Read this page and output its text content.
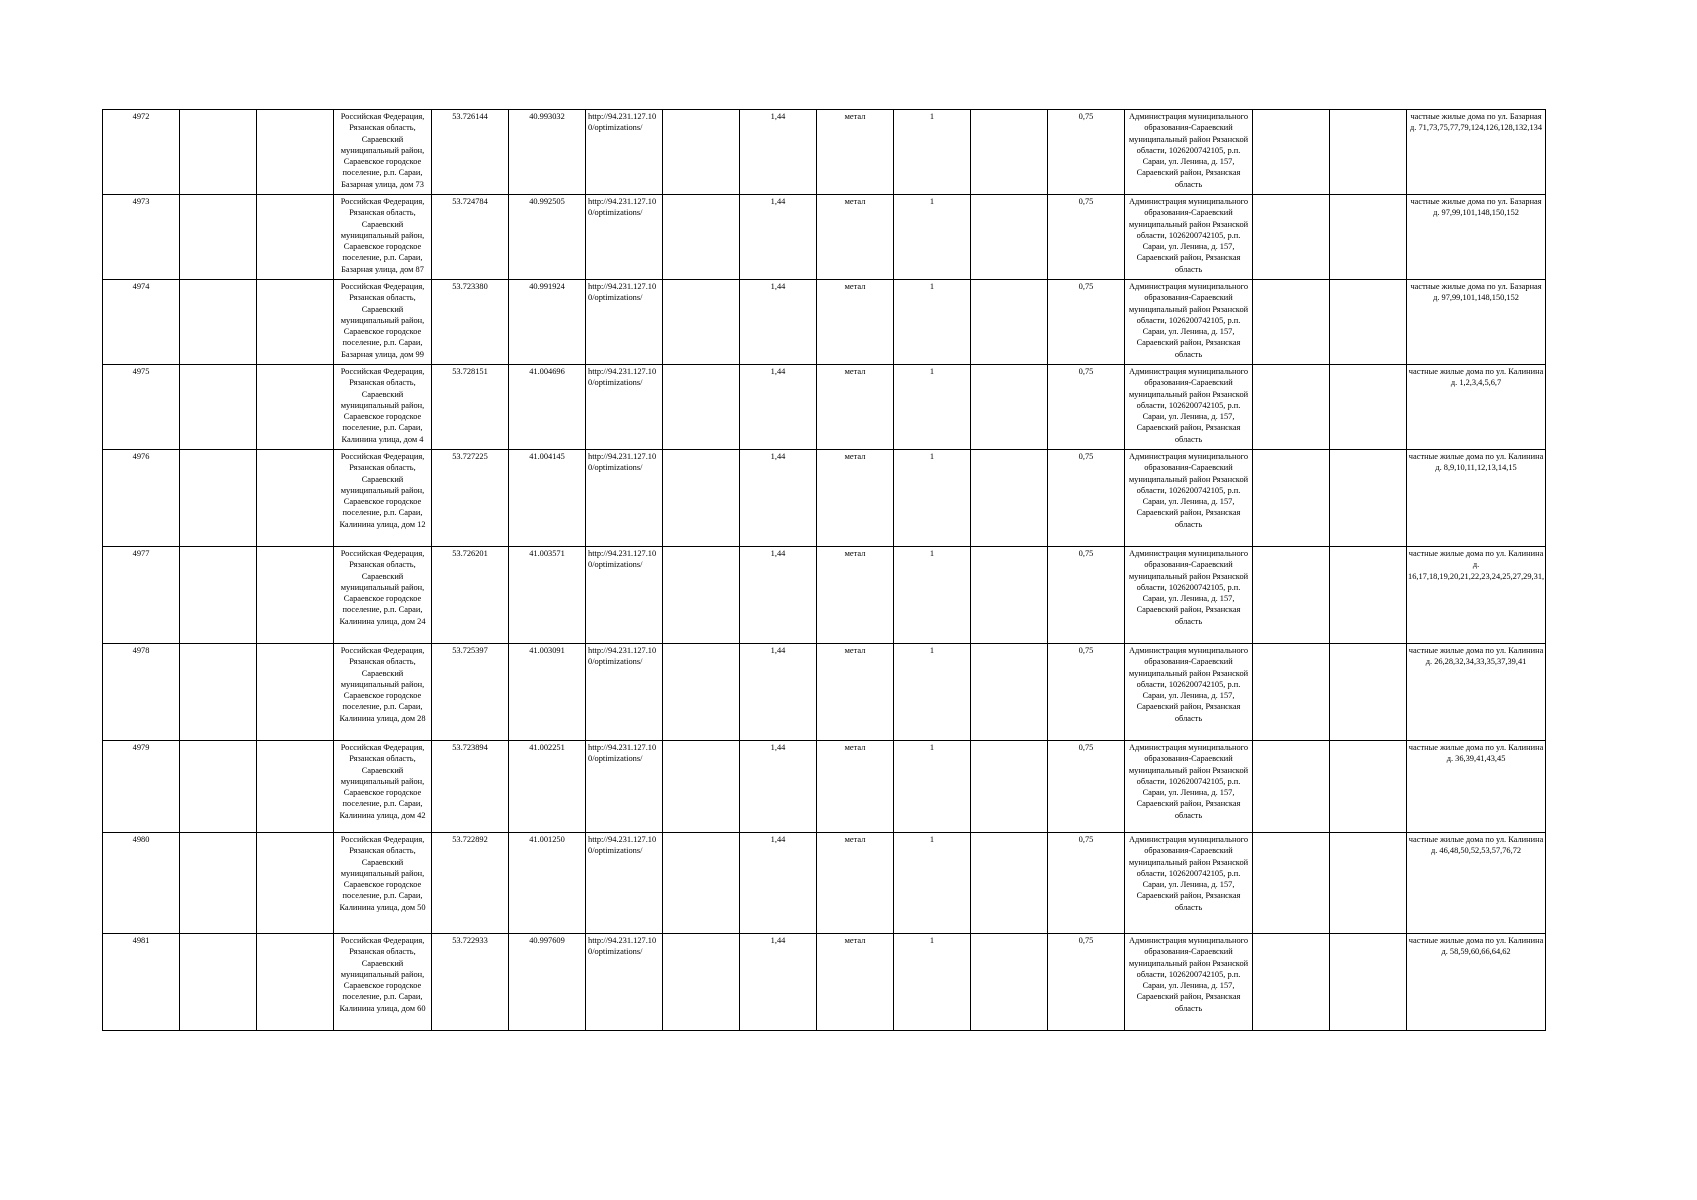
4972			Российская Федерация, Рязанская область, Сараевский муниципальный район, Сараевское городское поселение, р.п. Сараи, Базарная улица, дом 73	53.726144	40.993032	http://94.231.127.100/optimizations/		1,44	метал	1		0,75	Администрация муниципального образования-Сараевский муниципальный район Рязанской области, 1026200742105, р.п. Сараи, ул. Ленина, д. 157, Сараевский район, Рязанская область			частные жилые дома по ул. Базарная д. 71,73,75,77,79,124,126,128,132,134
4973			Российская Федерация, Рязанская область, Сараевский муниципальный район, Сараевское городское поселение, р.п. Сараи, Базарная улица, дом 87	53.724784	40.992505	http://94.231.127.100/optimizations/		1,44	метал	1		0,75	Администрация муниципального образования-Сараевский муниципальный район Рязанской области, 1026200742105, р.п. Сараи, ул. Ленина, д. 157, Сараевский район, Рязанская область			частные жилые дома по ул. Базарная д. 97,99,101,148,150,152
4974			Российская Федерация, Рязанская область, Сараевский муниципальный район, Сараевское городское поселение, р.п. Сараи, Базарная улица, дом 99	53.723380	40.991924	http://94.231.127.100/optimizations/		1,44	метал	1		0,75	Администрация муниципального образования-Сараевский муниципальный район Рязанской области, 1026200742105, р.п. Сараи, ул. Ленина, д. 157, Сараевский район, Рязанская область			частные жилые дома по ул. Базарная д. 97,99,101,148,150,152
4975			Российская Федерация, Рязанская область, Сараевский муниципальный район, Сараевское городское поселение, р.п. Сараи, Калинина улица, дом 4	53.728151	41.004696	http://94.231.127.100/optimizations/		1,44	метал	1		0,75	Администрация муниципального образования-Сараевский муниципальный район Рязанской области, 1026200742105, р.п. Сараи, ул. Ленина, д. 157, Сараевский район, Рязанская область			частные жилые дома по ул. Калинина д. 1,2,3,4,5,6,7
4976			Российская Федерация, Рязанская область, Сараевский муниципальный район, Сараевское городское поселение, р.п. Сараи, Калинина улица, дом 12	53.727225	41.004145	http://94.231.127.100/optimizations/		1,44	метал	1		0,75	Администрация муниципального образования-Сараевский муниципальный район Рязанской области, 1026200742105, р.п. Сараи, ул. Ленина, д. 157, Сараевский район, Рязанская область			частные жилые дома по ул. Калинина д. 8,9,10,11,12,13,14,15
4977			Российская Федерация, Рязанская область, Сараевский муниципальный район, Сараевское городское поселение, р.п. Сараи, Калинина улица, дом 24	53.726201	41.003571	http://94.231.127.100/optimizations/		1,44	метал	1		0,75	Администрация муниципального образования-Сараевский муниципальный район Рязанской области, 1026200742105, р.п. Сараи, ул. Ленина, д. 157, Сараевский район, Рязанская область			частные жилые дома по ул. Калинина д. 16,17,18,19,20,21,22,23,24,25,27,29,31,
4978			Российская Федерация, Рязанская область, Сараевский муниципальный район, Сараевское городское поселение, р.п. Сараи, Калинина улица, дом 28	53.725397	41.003091	http://94.231.127.100/optimizations/		1,44	метал	1		0,75	Администрация муниципального образования-Сараевский муниципальный район Рязанской области, 1026200742105, р.п. Сараи, ул. Ленина, д. 157, Сараевский район, Рязанская область			частные жилые дома по ул. Калинина д. 26,28,32,34,33,35,37,39,41
4979			Российская Федерация, Рязанская область, Сараевский муниципальный район, Сараевское городское поселение, р.п. Сараи, Калинина улица, дом 42	53.723894	41.002251	http://94.231.127.100/optimizations/		1,44	метал	1		0,75	Администрация муниципального образования-Сараевский муниципальный район Рязанской области, 1026200742105, р.п. Сараи, ул. Ленина, д. 157, Сараевский район, Рязанская область			частные жилые дома по ул. Калинина д. 36,39,41,43,45
4980			Российская Федерация, Рязанская область, Сараевский муниципальный район, Сараевское городское поселение, р.п. Сараи, Калинина улица, дом 50	53.722892	41.001250	http://94.231.127.100/optimizations/		1,44	метал	1		0,75	Администрация муниципального образования-Сараевский муниципальный район Рязанской области, 1026200742105, р.п. Сараи, ул. Ленина, д. 157, Сараевский район, Рязанская область			частные жилые дома по ул. Калинина д. 46,48,50,52,53,57,76,72
4981			Российская Федерация, Рязанская область, Сараевский муниципальный район, Сараевское городское поселение, р.п. Сараи, Калинина улица, дом 60	53.722933	40.997609	http://94.231.127.100/optimizations/		1,44	метал	1		0,75	Администрация муниципального образования-Сараевский муниципальный район Рязанской области, 1026200742105, р.п. Сараи, ул. Ленина, д. 157, Сараевский район, Рязанская область			частные жилые дома по ул. Калинина д. 58,59,60,66,64,62
